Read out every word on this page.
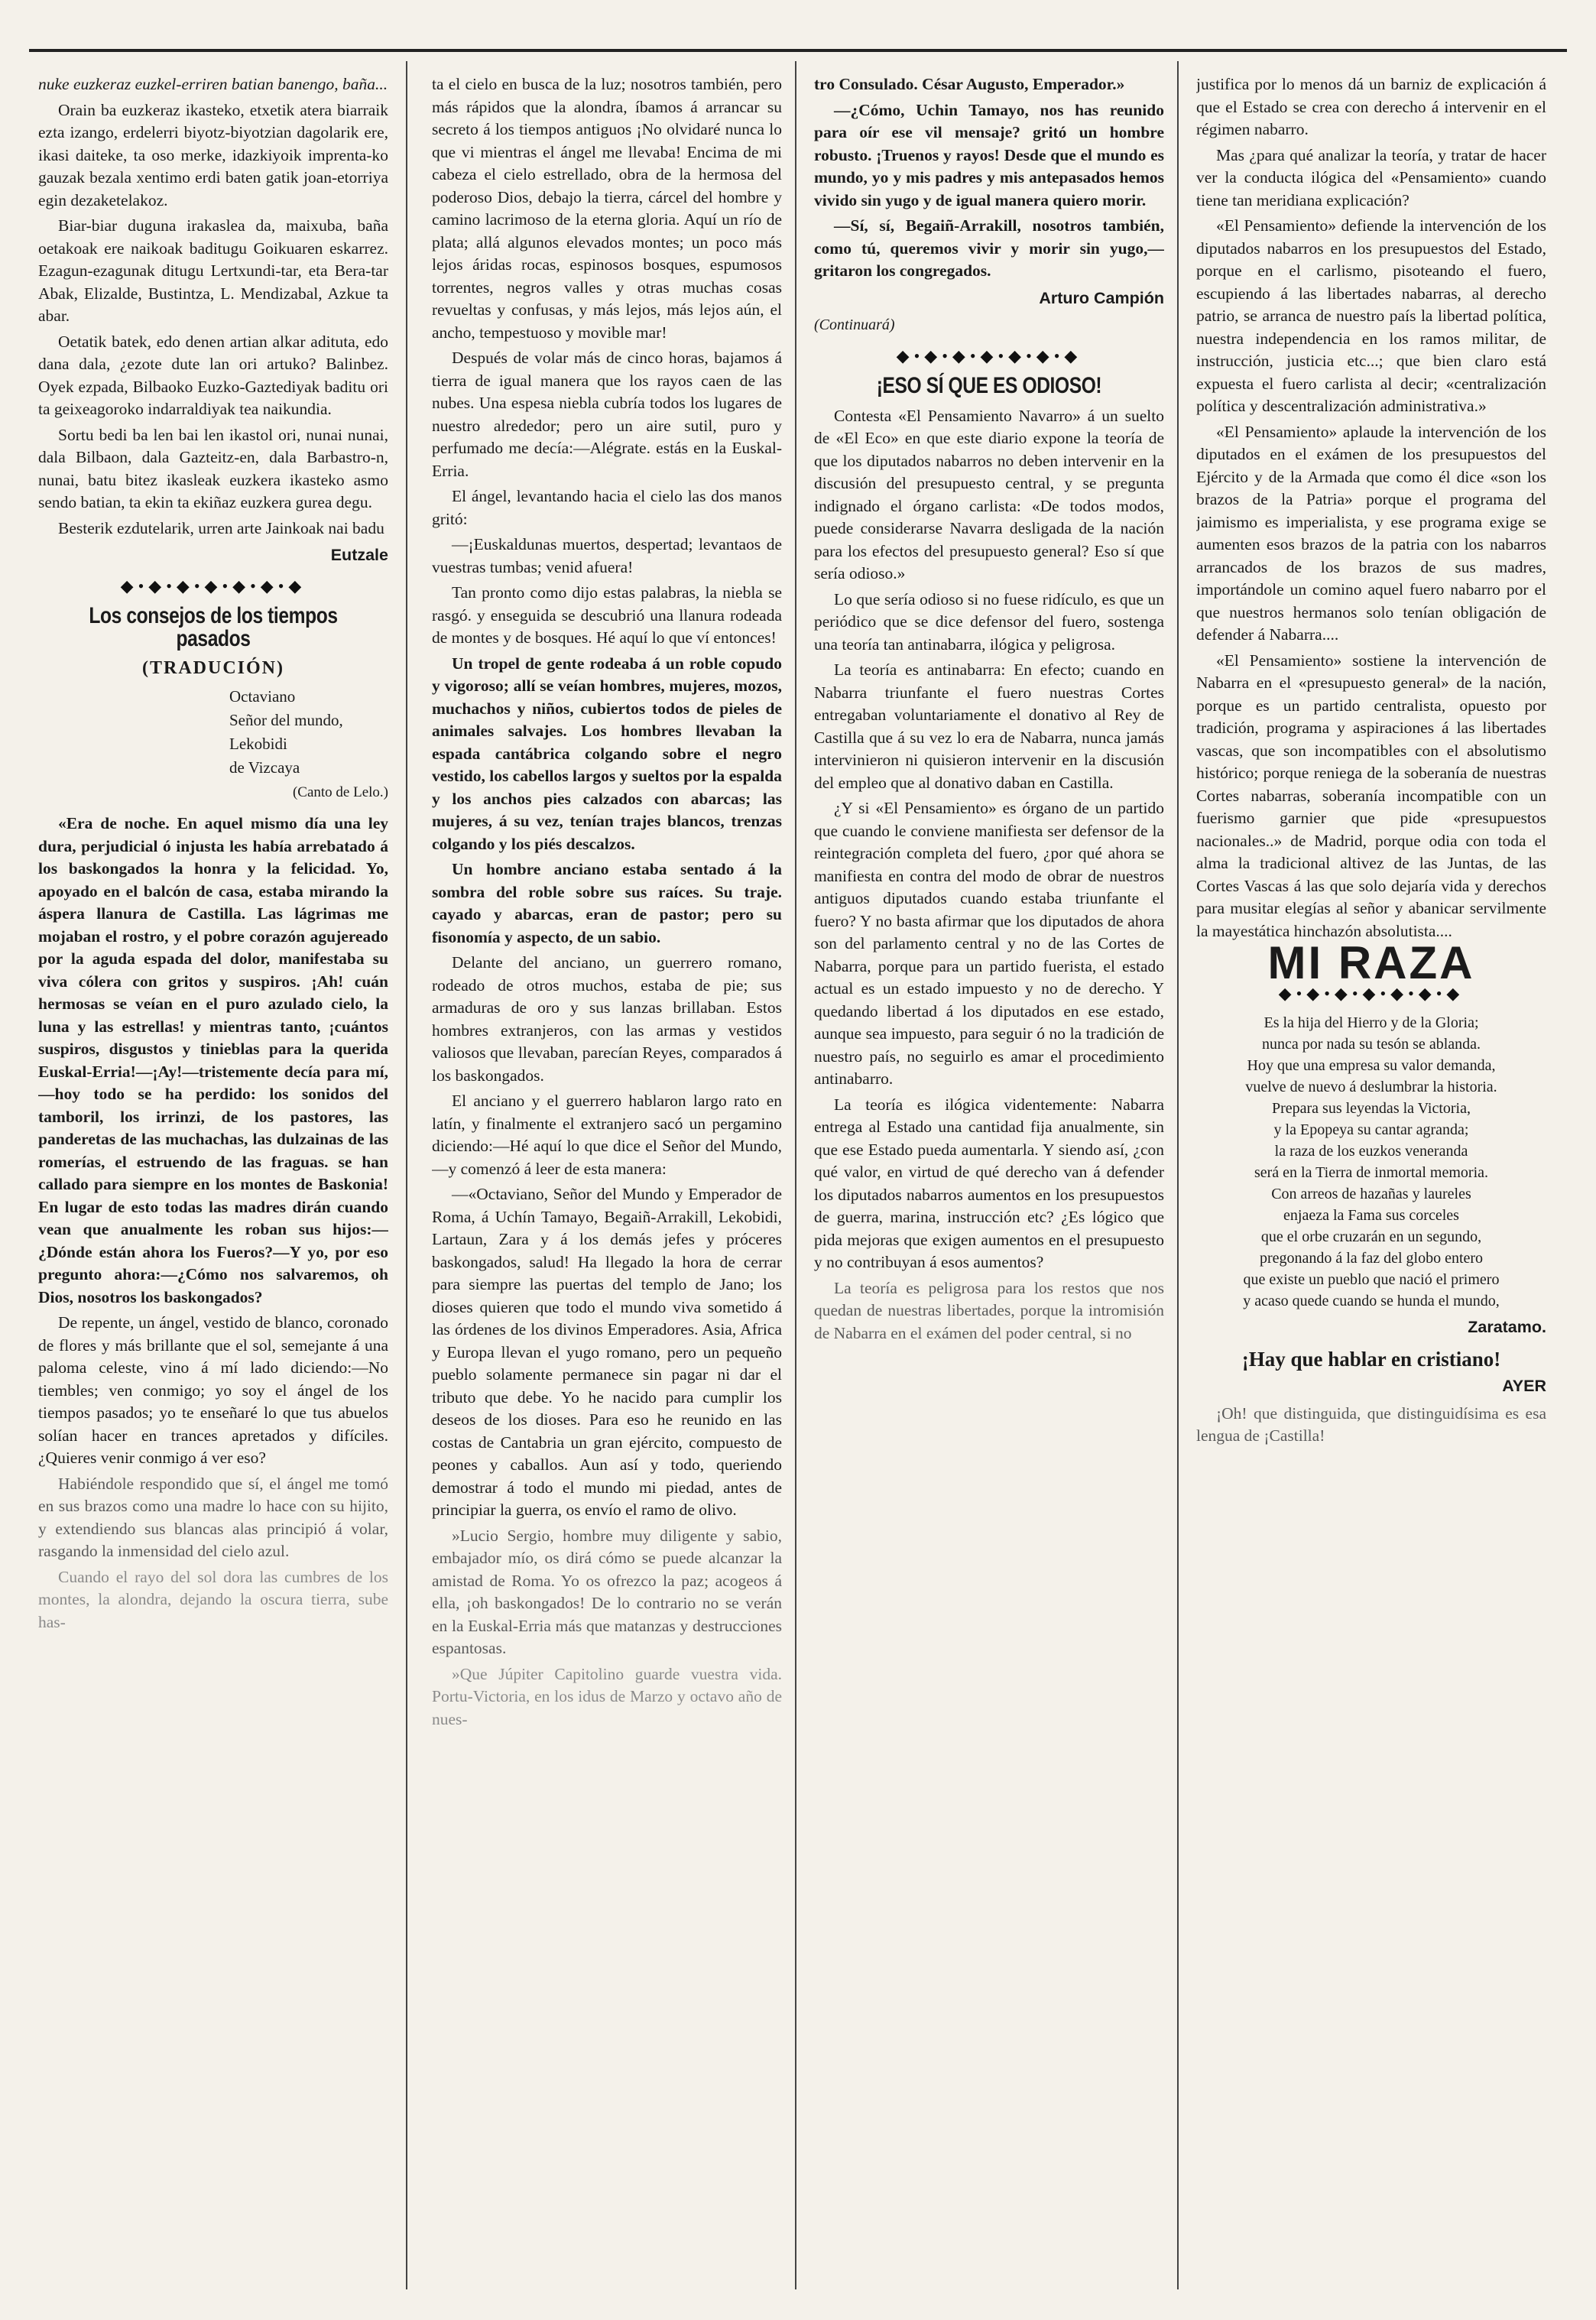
nuke euzkeraz euzkel-erriren batian banengo, baña...

Orain ba euzkeraz ikasteko, etxetik atera biarraik ezta izango, erdelerri biyotz-biyotzian dagolarik ere, ikasi daiteke, ta oso merke, idazkiyoik imprenta-ko gauzak bezala xentimo erdi baten gatik joan-etorriya egin dezaketelakoz.

Biar-biar duguna irakaslea da, maixuba, baña oetakoak ere naikoak baditugu Goikuaren eskarrez. Ezagun-ezagunak ditugu Lertxundi-tar, eta Bera-tar Abak, Elizalde, Bustintza, L. Mendizabal, Azkue ta abar.

Oetatik batek, edo denen artian alkar adituta, edo dana dala, ¿ezote dute lan ori artuko? Balinbez. Oyek ezpada, Bilbaoko Euzko-Gaztediyak baditu ori ta geixeagoroko indarraldiyak tea naikundia.

Sortu bedi ba len bai len ikastol ori, nunai nunai, dala Bilbaon, dala Gazteitz-en, dala Barbastro-n, nunai, batu bitez ikasleak euzkera ikasteko asmo sendo batian, ta ekin ta ekiñaz euzkera gurea degu.

Besterik ezdutelarik, urren arte Jainkoak nai badu

Eutzale

◆•◆•◆•◆•◆•◆•◆

Los consejos de los tiempos pasados

(TRADUCIÓN)

Octaviano

Señor del mundo,

Lekobidi

de Vizcaya

(Canto de Lelo.)

«Era de noche. En aquel mismo día una ley dura, perjudicial ó injusta les había arrebatado á los baskongados la honra y la felicidad. Yo, apoyado en el balcón de casa, estaba mirando la áspera llanura de Castilla. Las lágrimas me mojaban el rostro, y el pobre corazón agujereado por la aguda espada del dolor, manifestaba su viva cólera con gritos y suspiros. ¡Ah! cuán hermosas se veían en el puro azulado cielo, la luna y las estrellas! y mientras tanto, ¡cuántos suspiros, disgustos y tinieblas para la querida Euskal-Erria!—¡Ay!—tristemente decía para mí,—hoy todo se ha perdido: los sonidos del tamboril, los irrinzi, de los pastores, las panderetas de las muchachas, las dulzainas de las romerías, el estruendo de las fraguas. se han callado para siempre en los montes de Baskonia! En lugar de esto todas las madres dirán cuando vean que anualmente les roban sus hijos:—¿Dónde están ahora los Fueros?—Y yo, por eso pregunto ahora:—¿Cómo nos salvaremos, oh Dios, nosotros los baskongados?

De repente, un ángel, vestido de blanco, coronado de flores y más brillante que el sol, semejante á una paloma celeste, vino á mí lado diciendo:—No tiembles; ven conmigo; yo soy el ángel de los tiempos pasados; yo te enseñaré lo que tus abuelos solían hacer en trances apretados y difíciles. ¿Quieres venir conmigo á ver eso?

Habiéndole respondido que sí, el ángel me tomó en sus brazos como una madre lo hace con su hijito, y extendiendo sus blancas alas principió á volar, rasgando la inmensidad del cielo azul.

Cuando el rayo del sol dora las cumbres de los montes, la alondra, dejando la oscura tierra, sube has-

ta el cielo en busca de la luz; nosotros también, pero más rápidos que la alondra, íbamos á arrancar su secreto á los tiempos antiguos ¡No olvidaré nunca lo que vi mientras el ángel me llevaba! Encima de mi cabeza el cielo estrellado, obra de la hermosa del poderoso Dios, debajo la tierra, cárcel del hombre y camino lacrimoso de la eterna gloria. Aquí un río de plata; allá algunos elevados montes; un poco más lejos áridas rocas, espinosos bosques, espumosos torrentes, negros valles y otras muchas cosas revueltas y confusas, y más lejos, más lejos aún, el ancho, tempestuoso y movible mar!

Después de volar más de cinco horas, bajamos á tierra de igual manera que los rayos caen de las nubes. Una espesa niebla cubría todos los lugares de nuestro alrededor; pero un aire sutil, puro y perfumado me decía:—Alégrate. estás en la Euskal-Erria.

El ángel, levantando hacia el cielo las dos manos gritó:

—¡Euskaldunas muertos, despertad; levantaos de vuestras tumbas; venid afuera!

Tan pronto como dijo estas palabras, la niebla se rasgó. y enseguida se descubrió una llanura rodeada de montes y de bosques. Hé aquí lo que ví entonces!

Un tropel de gente rodeaba á un roble copudo y vigoroso; allí se veían hombres, mujeres, mozos, muchachos y niños, cubiertos todos de pieles de animales salvajes. Los hombres llevaban la espada cantábrica colgando sobre el negro vestido, los cabellos largos y sueltos por la espalda y los anchos pies calzados con abarcas; las mujeres, á su vez, tenían trajes blancos, trenzas colgando y los piés descalzos.

Un hombre anciano estaba sentado á la sombra del roble sobre sus raíces. Su traje. cayado y abarcas, eran de pastor; pero su fisonomía y aspecto, de un sabio.

Delante del anciano, un guerrero romano, rodeado de otros muchos, estaba de pie; sus armaduras de oro y sus lanzas brillaban. Estos hombres extranjeros, con las armas y vestidos valiosos que llevaban, parecían Reyes, comparados á los baskongados.

El anciano y el guerrero hablaron largo rato en latín, y finalmente el extranjero sacó un pergamino diciendo:—Hé aquí lo que dice el Señor del Mundo,—y comenzó á leer de esta manera:

—«Octaviano, Señor del Mundo y Emperador de Roma, á Uchín Tamayo, Begaiñ-Arrakill, Lekobidi, Lartaun, Zara y á los demás jefes y próceres baskongados, salud! Ha llegado la hora de cerrar para siempre las puertas del templo de Jano; los dioses quieren que todo el mundo viva sometido á las órdenes de los divinos Emperadores. Asia, Africa y Europa llevan el yugo romano, pero un pequeño pueblo solamente permanece sin pagar ni dar el tributo que debe. Yo he nacido para cumplir los deseos de los dioses. Para eso he reunido en las costas de Cantabria un gran ejército, compuesto de peones y caballos. Aun así y todo, queriendo demostrar á todo el mundo mi piedad, antes de principiar la guerra, os envío el ramo de olivo.

»Lucio Sergio, hombre muy diligente y sabio, embajador mío, os dirá cómo se puede alcanzar la amistad de Roma. Yo os ofrezco la paz; acogeos á ella, ¡oh baskongados! De lo contrario no se verán en la Euskal-Erria más que matanzas y destrucciones espantosas.

»Que Júpiter Capitolino guarde vuestra vida. Portu-Victoria, en los idus de Marzo y octavo año de nues-

tro Consulado. César Augusto, Emperador.»

—¿Cómo, Uchin Tamayo, nos has reunido para oír ese vil mensaje? gritó un hombre robusto. ¡Truenos y rayos! Desde que el mundo es mundo, yo y mis padres y mis antepasados hemos vivido sin yugo y de igual manera quiero morir.

—Sí, sí, Begaiñ-Arrakill, nosotros también, como tú, queremos vivir y morir sin yugo,—gritaron los congregados.

Arturo Campión

(Continuará)

◆•◆•◆•◆•◆•◆•◆

¡ESO SÍ QUE ES ODIOSO!

Contesta «El Pensamiento Navarro» á un suelto de «El Eco» en que este diario expone la teoría de que los diputados nabarros no deben intervenir en la discusión del presupuesto central, y se pregunta indignado el órgano carlista: «De todos modos, puede considerarse Navarra desligada de la nación para los efectos del presupuesto general? Eso sí que sería odioso.»

Lo que sería odioso si no fuese ridículo, es que un periódico que se dice defensor del fuero, sostenga una teoría tan antinabarra, ilógica y peligrosa.

La teoría es antinabarra: En efecto; cuando en Nabarra triunfante el fuero nuestras Cortes entregaban voluntariamente el donativo al Rey de Castilla que á su vez lo era de Nabarra, nunca jamás intervinieron ni quisieron intervenir en la discusión del empleo que al donativo daban en Castilla.

¿Y si «El Pensamiento» es órgano de un partido que cuando le conviene manifiesta ser defensor de la reintegración completa del fuero, ¿por qué ahora se manifiesta en contra del modo de obrar de nuestros antiguos diputados cuando estaba triunfante el fuero? Y no basta afirmar que los diputados de ahora son del parlamento central y no de las Cortes de Nabarra, porque para un partido fuerista, el estado actual es un estado impuesto y no de derecho. Y quedando libertad á los diputados en ese estado, aunque sea impuesto, para seguir ó no la tradición de nuestro país, no seguirlo es amar el procedimiento antinabarro.

La teoría es ilógica videntemente: Nabarra entrega al Estado una cantidad fija anualmente, sin que ese Estado pueda aumentarla. Y siendo así, ¿con qué valor, en virtud de qué derecho van á defender los diputados nabarros aumentos en los presupuestos de guerra, marina, instrucción etc? ¿Es lógico que pida mejoras que exigen aumentos en el presupuesto y no contribuyan á esos aumentos?

La teoría es peligrosa para los restos que nos quedan de nuestras libertades, porque la intromisión de Nabarra en el exámen del poder central, si no

justifica por lo menos dá un barniz de explicación á que el Estado se crea con derecho á intervenir en el régimen nabarro.

Mas ¿para qué analizar la teoría, y tratar de hacer ver la conducta ilógica del «Pensamiento» cuando tiene tan meridiana explicación?

«El Pensamiento» defiende la intervención de los diputados nabarros en los presupuestos del Estado, porque en el carlismo, pisoteando el fuero, escupiendo á las libertades nabarras, al derecho patrio, se arranca de nuestro país la libertad política, nuestra independencia en los ramos militar, de instrucción, justicia etc...; que bien claro está expuesta el fuero carlista al decir; «centralización política y descentralización administrativa.»

«El Pensamiento» aplaude la intervención de los diputados en el exámen de los presupuestos del Ejército y de la Armada que como él dice «son los brazos de la Patria» porque el programa del jaimismo es imperialista, y ese programa exige se aumenten esos brazos de la patria con los nabarros arrancados de los brazos de sus madres, importándole un comino aquel fuero nabarro por el que nuestros hermanos solo tenían obligación de defender á Nabarra....

«El Pensamiento» sostiene la intervención de Nabarra en el «presupuesto general» de la nación, porque es un partido centralista, opuesto por tradición, programa y aspiraciones á las libertades vascas, que son incompatibles con el absolutismo histórico; porque reniega de la soberanía de nuestras Cortes nabarras, soberanía incompatible con un fuerismo garnier que pide «presupuestos nacionales..» de Madrid, porque odia con toda el alma la tradicional altivez de las Juntas, de las Cortes Vascas á las que solo dejaría vida y derechos para musitar elegías al señor y abanicar servilmente la mayestática hinchazón absolutista....

MI RAZA

◆•◆•◆•◆•◆•◆•◆

Es la hija del Hierro y de la Gloria;
nunca por nada su tesón se ablanda.
Hoy que una empresa su valor demanda,
vuelve de nuevo á deslumbrar la historia.
Prepara sus leyendas la Victoria,
y la Epopeya su cantar agranda;
la raza de los euzkos veneranda
será en la Tierra de inmortal memoria.
Con arreos de hazañas y laureles
enjaeza la Fama sus corceles
que el orbe cruzarán en un segundo,
pregonando á la faz del globo entero
que existe un pueblo que nació el primero
y acaso quede cuando se hunda el mundo,

Zaratamo.

¡Hay que hablar en cristiano!

AYER

¡Oh! que distinguida, que distinguidísima es esa lengua de ¡Castilla!
